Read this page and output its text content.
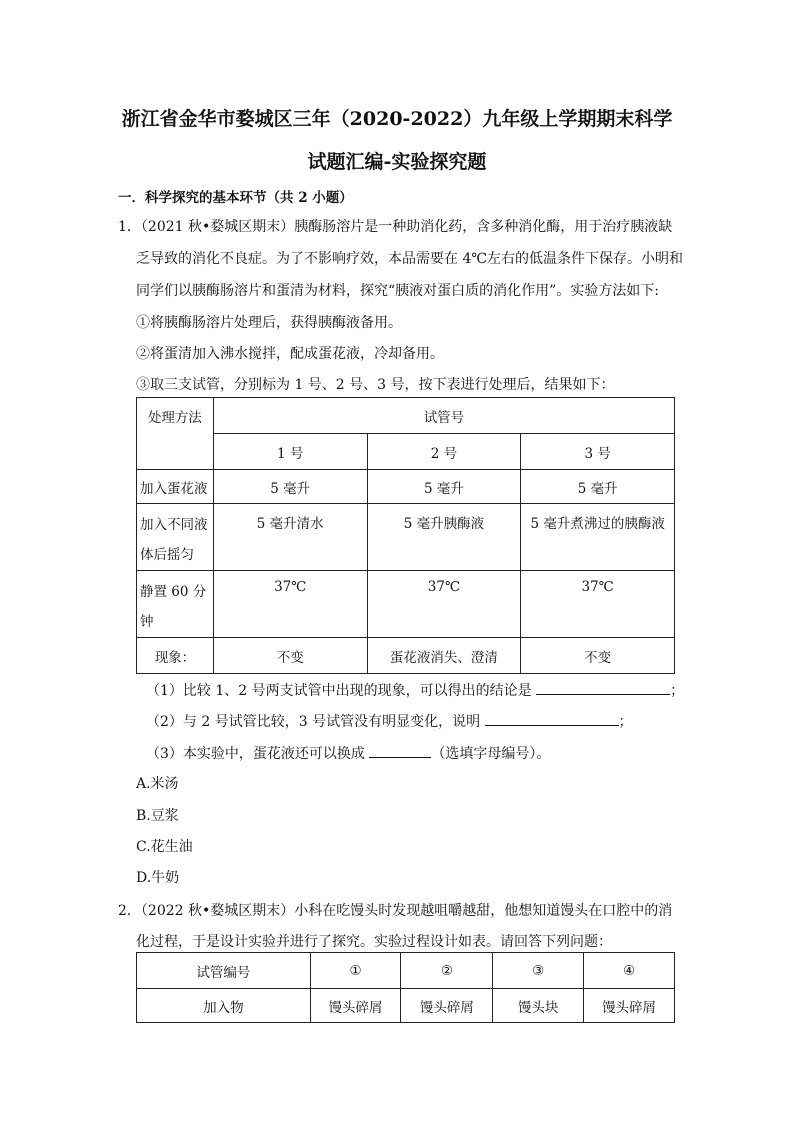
浙江省金华市婺城区三年（2020-2022）九年级上学期期末科学
试题汇编-实验探究题
一．科学探究的基本环节（共 2 小题）
1．（2021 秋•婺城区期末）胰酶肠溶片是一种助消化药，含多种消化酶，用于治疗胰液缺
乏导致的消化不良症。为了不影响疗效，本品需要在 4℃左右的低温条件下保存。小明和
同学们以胰酶肠溶片和蛋清为材料，探究“胰液对蛋白质的消化作用”。实验方法如下:
①将胰酶肠溶片处理后，获得胰酶液备用。
②将蛋清加入沸水搅拌，配成蛋花液，冷却备用。
③取三支试管，分别标为 1 号、2 号、3 号，按下表进行处理后，结果如下：
处理方法	试管号		
	1 号	2 号	3 号
加入蛋花液	5 毫升	5 毫升	5 毫升
加入不同液
体后摇匀	5 毫升清水	5 毫升胰酶液	5 毫升煮沸过的胰酶液
静置 60 分
钟	37℃	37℃	37℃
现象：	不变	蛋花液消失、澄清	不变
（1）比较 1、2 号两支试管中出现的现象，可以得出的结论是	；
（2）与 2 号试管比较，3 号试管没有明显变化，说明	；
（3）本实验中，蛋花液还可以换成	（选填字母编号）。
A.米汤
B.豆浆
C.花生油
D.牛奶
2．（2022 秋•婺城区期末）小科在吃馒头时发现越咀嚼越甜，他想知道馒头在口腔中的消
化过程，于是设计实验并进行了探究。实验过程设计如表。请回答下列问题：
试管编号	①	②	③	④
加入物	馒头碎屑	馒头碎屑	馒头块	馒头碎屑
